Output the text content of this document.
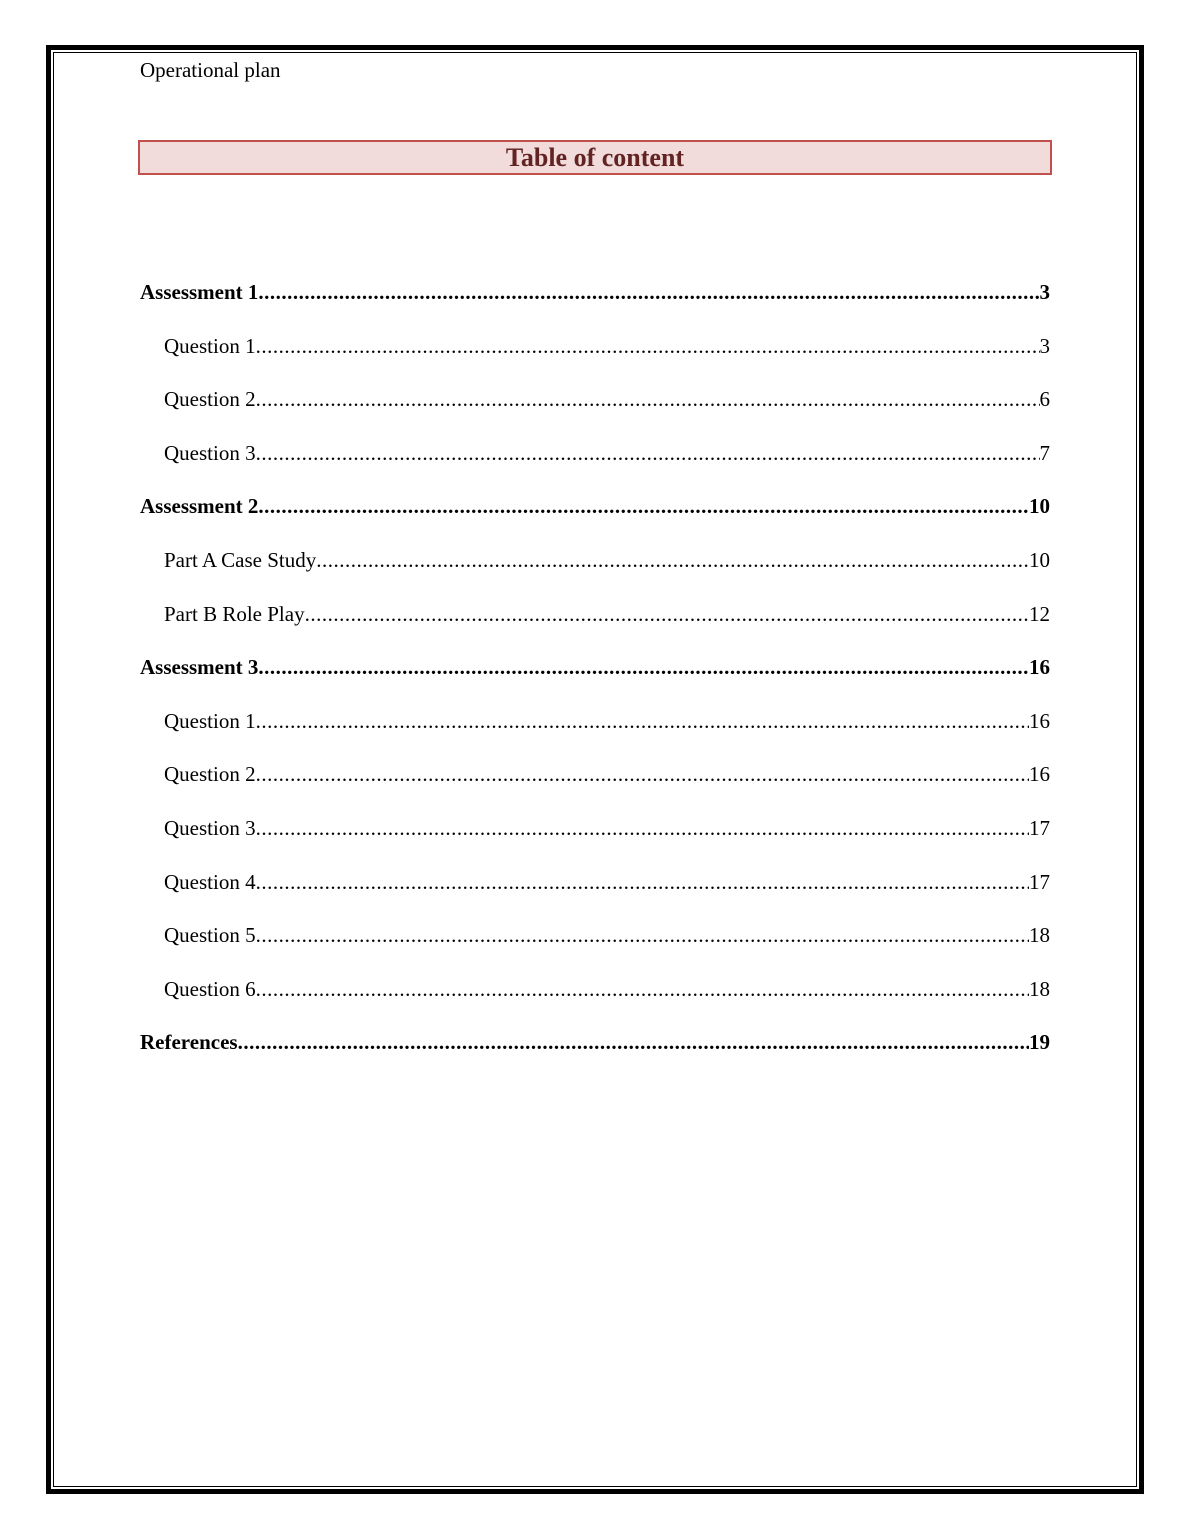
Operational plan
Table of content
Assessment 1 .....	3
Question 1 .....	3
Question 2 .....	6
Question 3 .....	7
Assessment 2 .....	10
Part A Case Study .....	10
Part B Role Play .....	12
Assessment 3 .....	16
Question 1 .....	16
Question 2 .....	16
Question 3 .....	17
Question 4 .....	17
Question 5 .....	18
Question 6 .....	18
References .....	19
